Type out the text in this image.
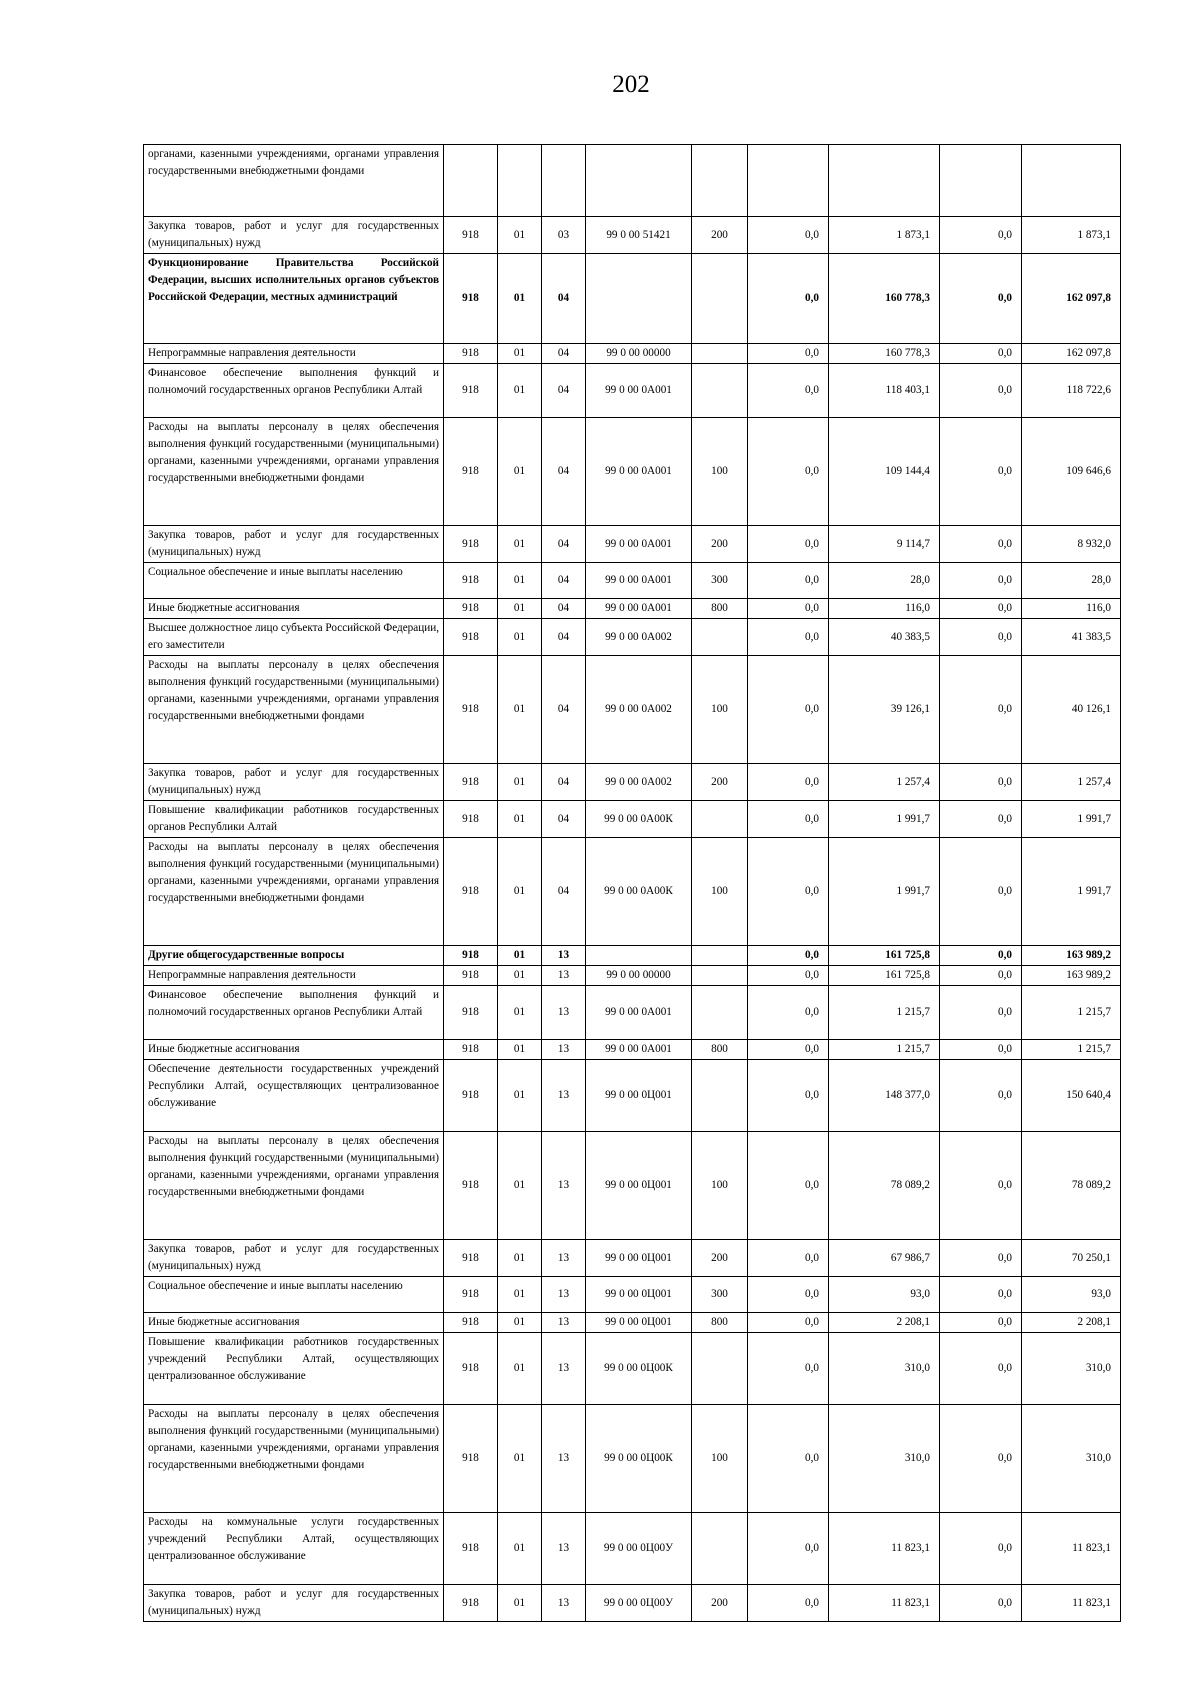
202
органами, казенными учреждениями, органами управления государственными внебюджетными фондами									
Закупка товаров, работ и услуг для государственных (муниципальных) нужд	918	01	03	99 0 00 51421	200	0,0	1 873,1	0,0	1 873,1
Функционирование Правительства Российской Федерации, высших исполнительных органов субъектов Российской Федерации, местных администраций	918	01	04			0,0	160 778,3	0,0	162 097,8
Непрограммные направления деятельности	918	01	04	99 0 00 00000		0,0	160 778,3	0,0	162 097,8
Финансовое обеспечение выполнения функций и полномочий государственных органов Республики Алтай	918	01	04	99 0 00 0А001		0,0	118 403,1	0,0	118 722,6
Расходы на выплаты персоналу в целях обеспечения выполнения функций государственными (муниципальными) органами, казенными учреждениями, органами управления государственными внебюджетными фондами	918	01	04	99 0 00 0А001	100	0,0	109 144,4	0,0	109 646,6
Закупка товаров, работ и услуг для государственных (муниципальных) нужд	918	01	04	99 0 00 0А001	200	0,0	9 114,7	0,0	8 932,0
Социальное обеспечение и иные выплаты населению	918	01	04	99 0 00 0А001	300	0,0	28,0	0,0	28,0
Иные бюджетные ассигнования	918	01	04	99 0 00 0А001	800	0,0	116,0	0,0	116,0
Высшее должностное лицо субъекта Российской Федерации, его заместители	918	01	04	99 0 00 0А002		0,0	40 383,5	0,0	41 383,5
Расходы на выплаты персоналу в целях обеспечения выполнения функций государственными (муниципальными) органами, казенными учреждениями, органами управления государственными внебюджетными фондами	918	01	04	99 0 00 0А002	100	0,0	39 126,1	0,0	40 126,1
Закупка товаров, работ и услуг для государственных (муниципальных) нужд	918	01	04	99 0 00 0А002	200	0,0	1 257,4	0,0	1 257,4
Повышение квалификации работников государственных органов Республики Алтай	918	01	04	99 0 00 0А00К		0,0	1 991,7	0,0	1 991,7
Расходы на выплаты персоналу в целях обеспечения выполнения функций государственными (муниципальными) органами, казенными учреждениями, органами управления государственными внебюджетными фондами	918	01	04	99 0 00 0А00К	100	0,0	1 991,7	0,0	1 991,7
Другие общегосударственные вопросы	918	01	13			0,0	161 725,8	0,0	163 989,2
Непрограммные направления деятельности	918	01	13	99 0 00 00000		0,0	161 725,8	0,0	163 989,2
Финансовое обеспечение выполнения функций и полномочий государственных органов Республики Алтай	918	01	13	99 0 00 0А001		0,0	1 215,7	0,0	1 215,7
Иные бюджетные ассигнования	918	01	13	99 0 00 0А001	800	0,0	1 215,7	0,0	1 215,7
Обеспечение деятельности государственных учреждений Республики Алтай, осуществляющих централизованное обслуживание	918	01	13	99 0 00 0Ц001		0,0	148 377,0	0,0	150 640,4
Расходы на выплаты персоналу в целях обеспечения выполнения функций государственными (муниципальными) органами, казенными учреждениями, органами управления государственными внебюджетными фондами	918	01	13	99 0 00 0Ц001	100	0,0	78 089,2	0,0	78 089,2
Закупка товаров, работ и услуг для государственных (муниципальных) нужд	918	01	13	99 0 00 0Ц001	200	0,0	67 986,7	0,0	70 250,1
Социальное обеспечение и иные выплаты населению	918	01	13	99 0 00 0Ц001	300	0,0	93,0	0,0	93,0
Иные бюджетные ассигнования	918	01	13	99 0 00 0Ц001	800	0,0	2 208,1	0,0	2 208,1
Повышение квалификации работников государственных учреждений Республики Алтай, осуществляющих централизованное обслуживание	918	01	13	99 0 00 0Ц00К		0,0	310,0	0,0	310,0
Расходы на выплаты персоналу в целях обеспечения выполнения функций государственными (муниципальными) органами, казенными учреждениями, органами управления государственными внебюджетными фондами	918	01	13	99 0 00 0Ц00К	100	0,0	310,0	0,0	310,0
Расходы на коммунальные услуги государственных учреждений Республики Алтай, осуществляющих централизованное обслуживание	918	01	13	99 0 00 0Ц00У		0,0	11 823,1	0,0	11 823,1
Закупка товаров, работ и услуг для государственных (муниципальных) нужд	918	01	13	99 0 00 0Ц00У	200	0,0	11 823,1	0,0	11 823,1
